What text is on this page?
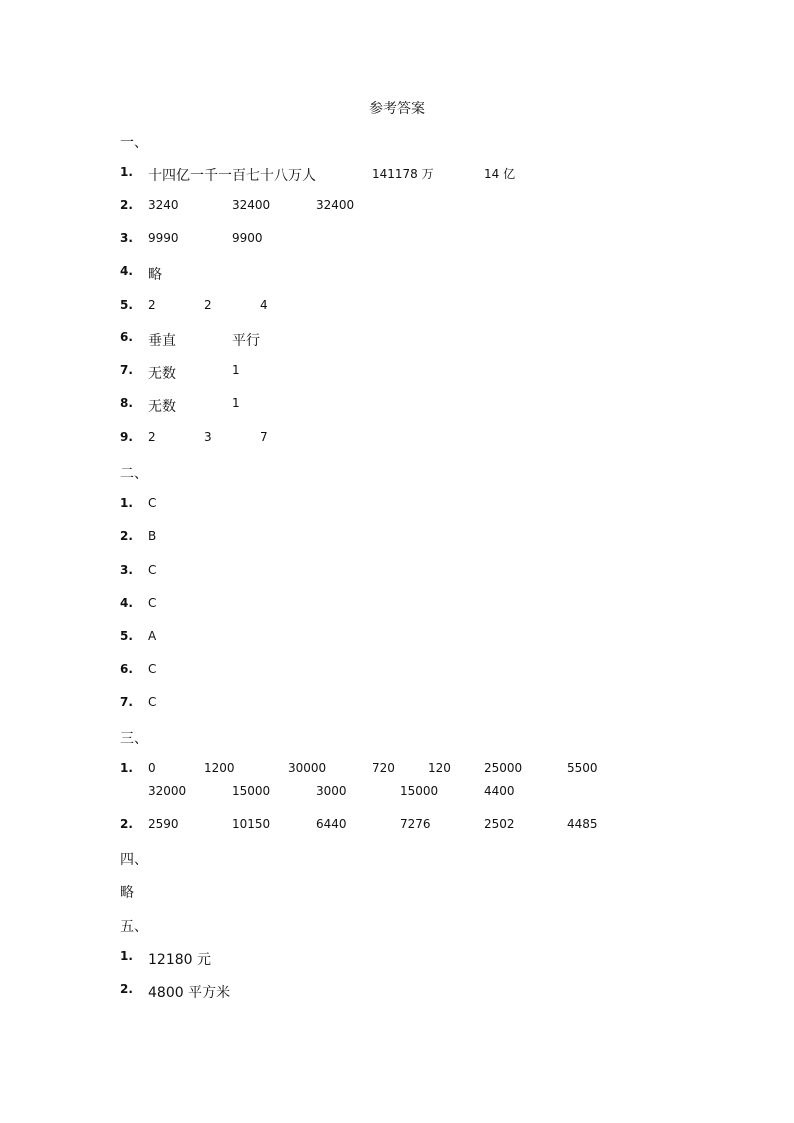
参考答案
一、
1. 十四亿一千一百七十八万人	141178 万	14 亿
2. 3240	32400	32400
3. 9990	9900
4. 略
5. 2	2	4
6. 垂直	平行
7. 无数	1
8. 无数	1
9. 2	3	7
二、
1. C
2. B
3. C
4. C
5. A
6. C
7. C
三、
1. 0	1200	30000	720	120	25000	5500
32000	15000	3000	15000	4400
2. 2590	10150	6440	7276	2502	4485
四、
略
五、
1. 12180 元
2. 4800 平方米
